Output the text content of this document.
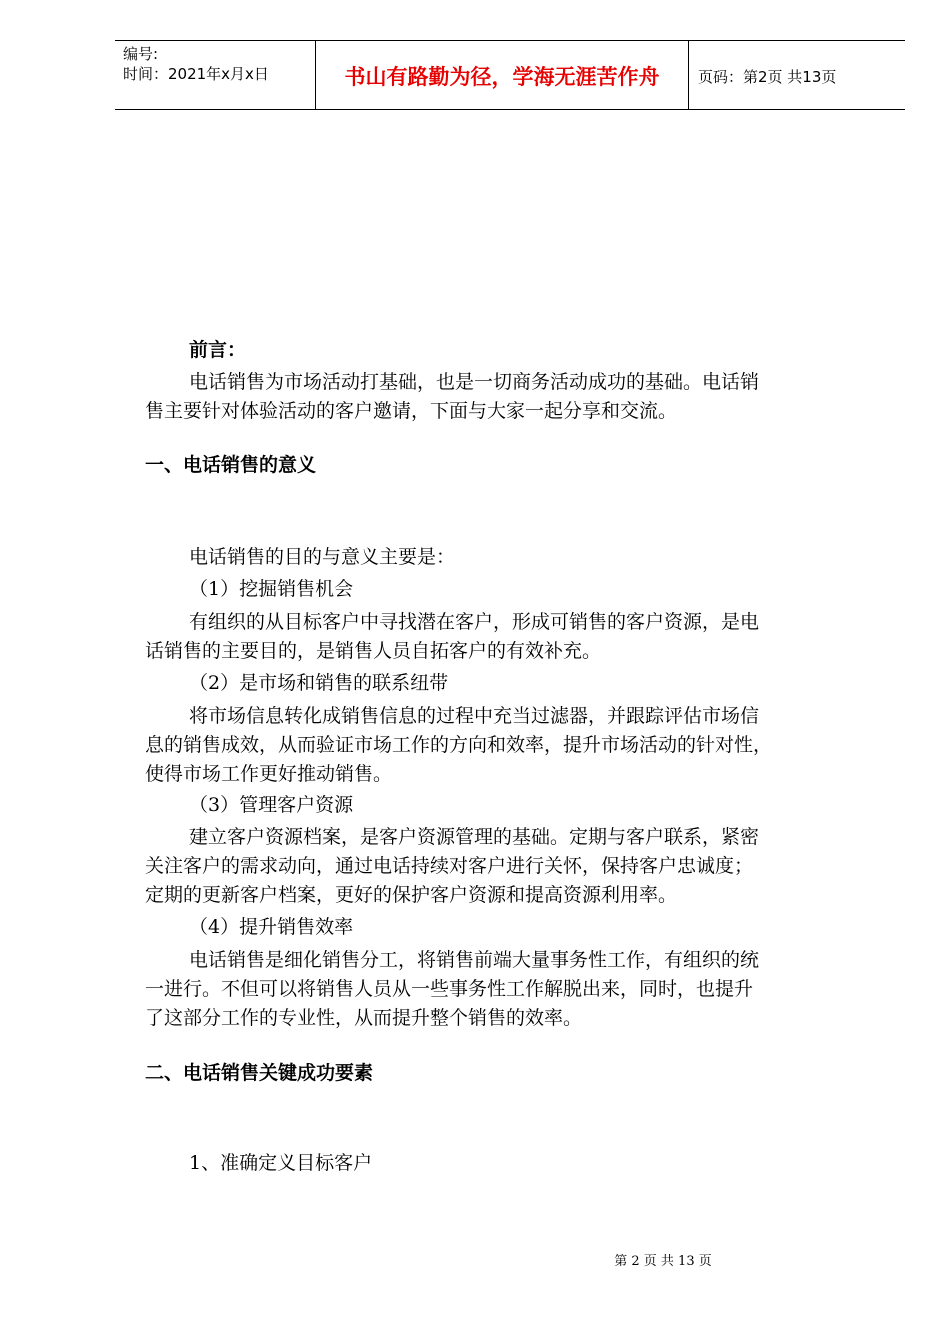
编号:
时间：2021年x月x日	书山有路勤为径，学海无涯苦作舟	页码：第2页 共13页
前言：
电话销售为市场活动打基础，也是一切商务活动成功的基础。电话销
售主要针对体验活动的客户邀请，下面与大家一起分享和交流。
一、电话销售的意义
电话销售的目的与意义主要是：
（1）挖掘销售机会
有组织的从目标客户中寻找潜在客户，形成可销售的客户资源，是电
话销售的主要目的，是销售人员自拓客户的有效补充。
（2）是市场和销售的联系纽带
将市场信息转化成销售信息的过程中充当过滤器，并跟踪评估市场信
息的销售成效，从而验证市场工作的方向和效率，提升市场活动的针对性，
使得市场工作更好推动销售。
（3）管理客户资源
建立客户资源档案，是客户资源管理的基础。定期与客户联系，紧密
关注客户的需求动向，通过电话持续对客户进行关怀，保持客户忠诚度；
定期的更新客户档案，更好的保护客户资源和提高资源利用率。
（4）提升销售效率
电话销售是细化销售分工，将销售前端大量事务性工作，有组织的统
一进行。不但可以将销售人员从一些事务性工作解脱出来，同时，也提升
了这部分工作的专业性，从而提升整个销售的效率。
二、电话销售关键成功要素
1、准确定义目标客户
第 2 页 共 13 页
